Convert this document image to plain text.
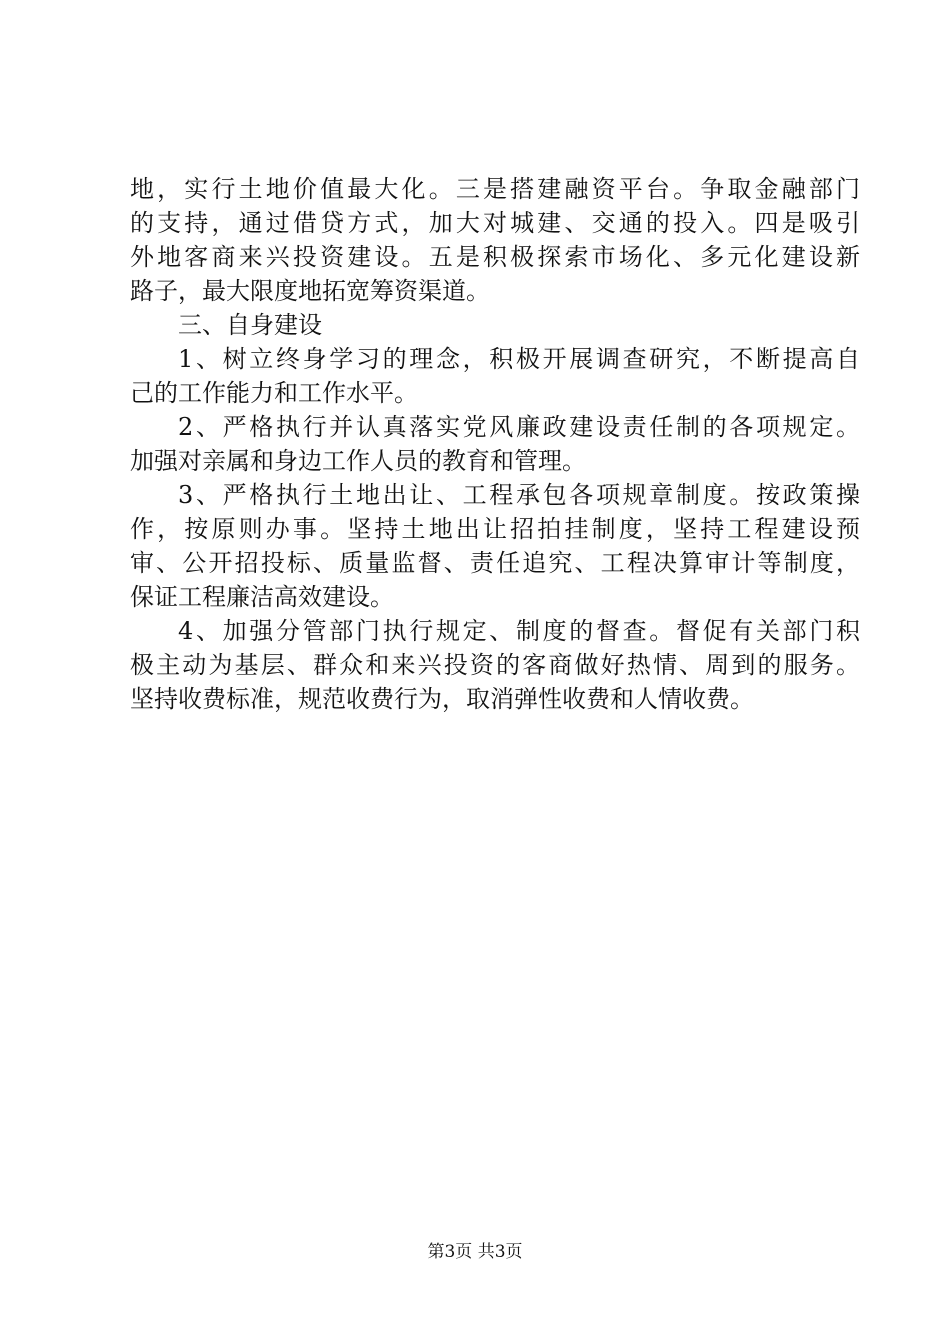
地，实行土地价值最大化。三是搭建融资平台。争取金融部门
的支持，通过借贷方式，加大对城建、交通的投入。四是吸引
外地客商来兴投资建设。五是积极探索市场化、多元化建设新
路子，最大限度地拓宽筹资渠道。
三、自身建设
1、树立终身学习的理念，积极开展调查研究，不断提高自
己的工作能力和工作水平。
2、严格执行并认真落实党风廉政建设责任制的各项规定。
加强对亲属和身边工作人员的教育和管理。
3、严格执行土地出让、工程承包各项规章制度。按政策操
作，按原则办事。坚持土地出让招拍挂制度，坚持工程建设预
审、公开招投标、质量监督、责任追究、工程决算审计等制度，
保证工程廉洁高效建设。
4、加强分管部门执行规定、制度的督查。督促有关部门积
极主动为基层、群众和来兴投资的客商做好热情、周到的服务。
坚持收费标准，规范收费行为，取消弹性收费和人情收费。
第3页 共3页
